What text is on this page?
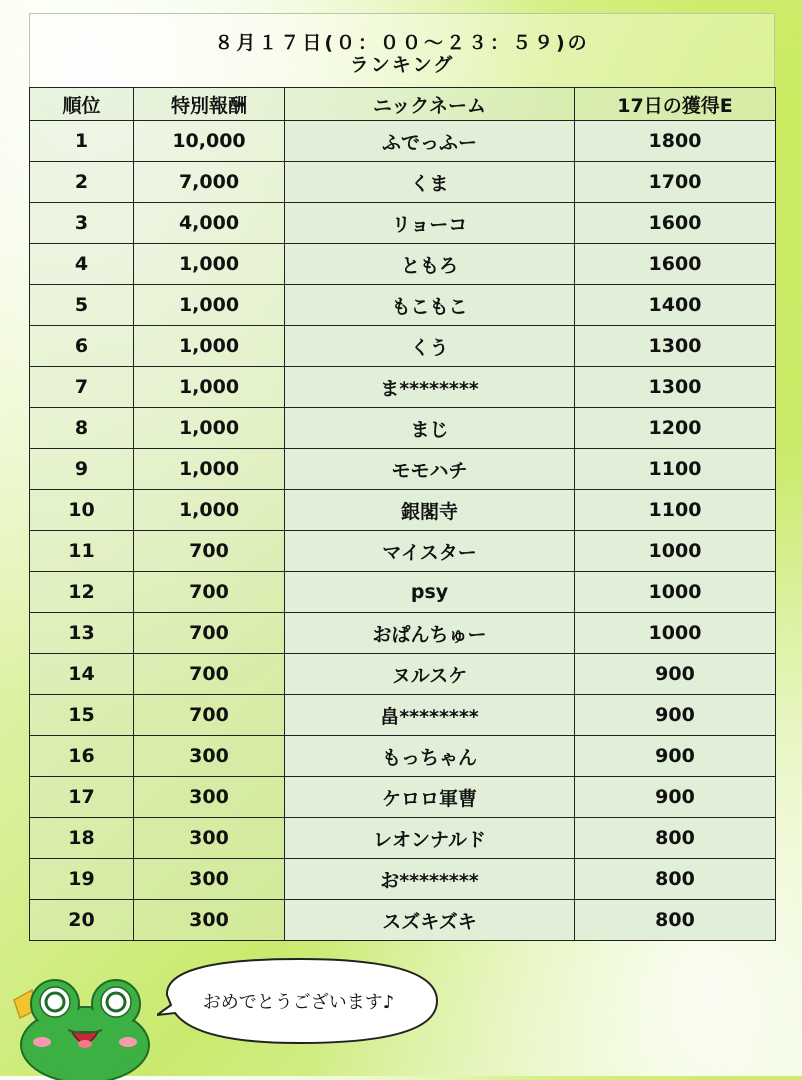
８月１７日(０：００～２３：５９)の
ランキング
順位	特別報酬	ニックネーム	17日の獲得E
1	10,000	ふでっふー	1800
2	7,000	くま	1700
3	4,000	リョーコ	1600
4	1,000	ともろ	1600
5	1,000	もこもこ	1400
6	1,000	くう	1300
7	1,000	ま********	1300
8	1,000	まじ	1200
9	1,000	モモハチ	1100
10	1,000	銀閣寺	1100
11	700	マイスター	1000
12	700	psy	1000
13	700	おぱんちゅー	1000
14	700	ヌルスケ	900
15	700	畠********	900
16	300	もっちゃん	900
17	300	ケロロ軍曹	900
18	300	レオンナルド	800
19	300	お********	800
20	300	スズキズキ	800
おめでとうございます♪
